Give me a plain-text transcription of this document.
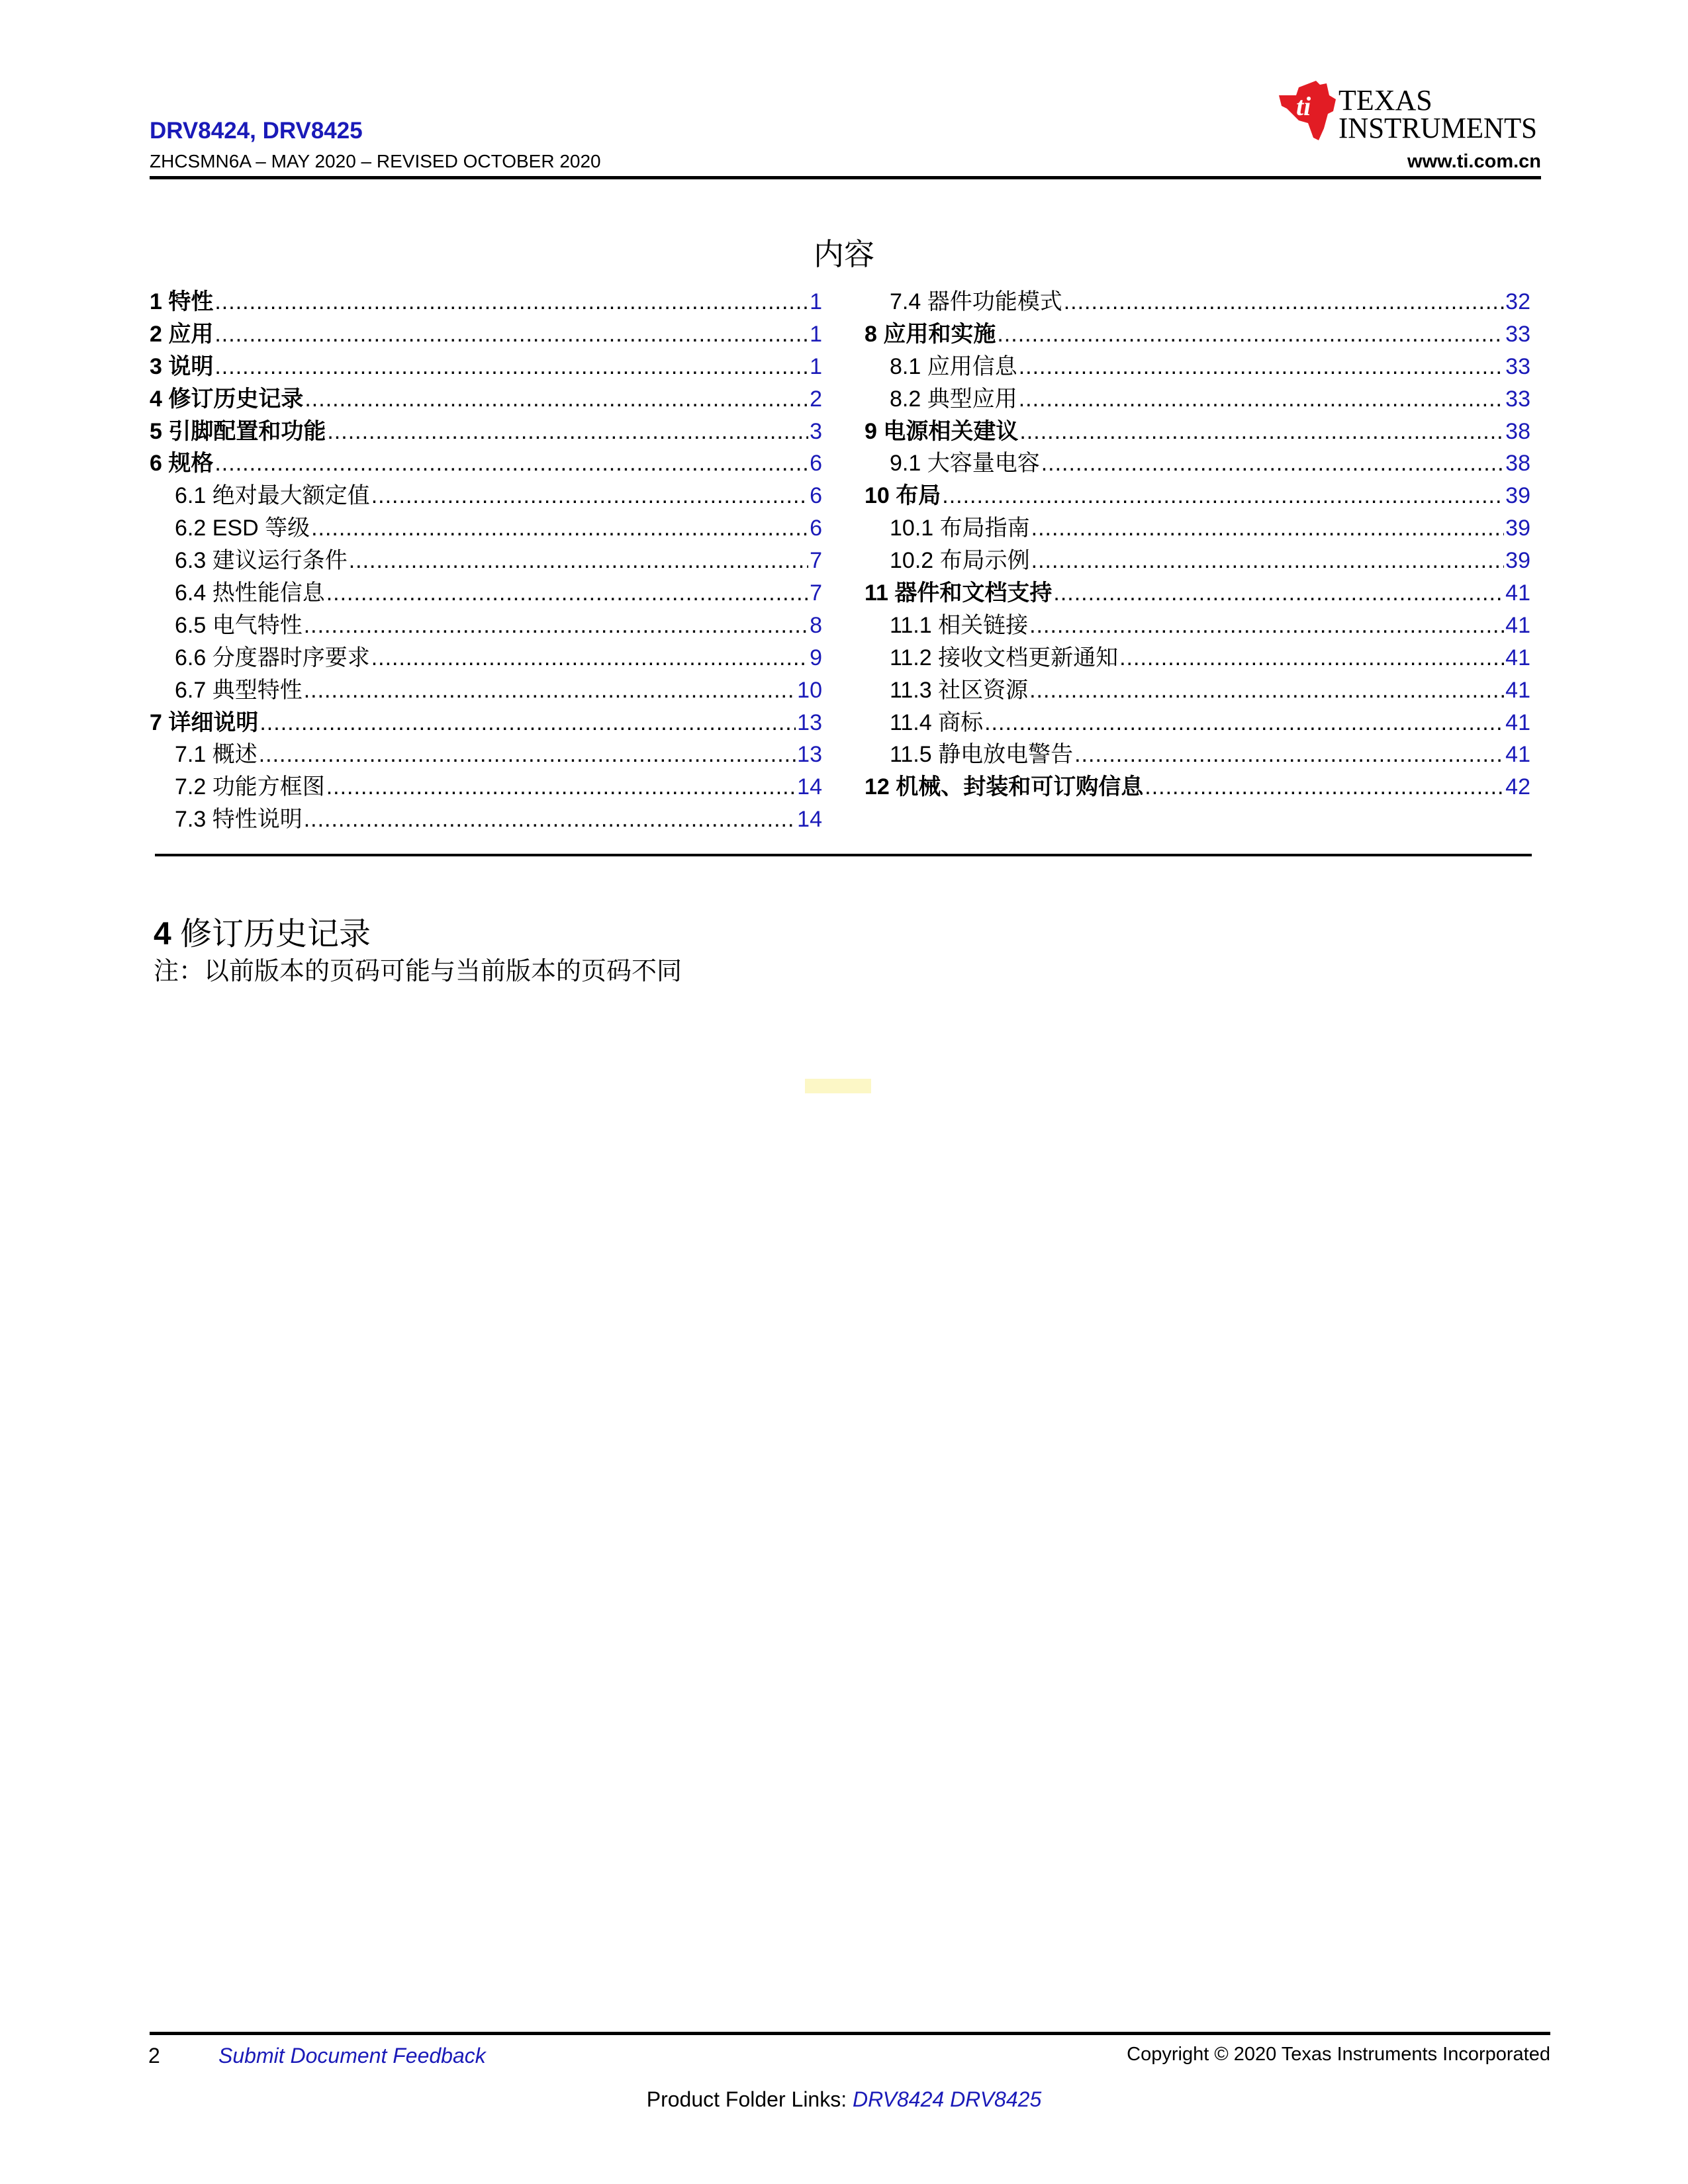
DRV8424, DRV8425
ZHCSMN6A – MAY 2020 – REVISED OCTOBER 2020
ti TEXAS
INSTRUMENTS
www.ti.com.cn
内容
1 特性 .....	1
2 应用 .....	1
3 说明 .....	1
4 修订历史记录 .....	2
5 引脚配置和功能 .....	3
6 规格 .....	6
6.1 绝对最大额定值 .....	6
6.2 ESD 等级 .....	6
6.3 建议运行条件 .....	7
6.4 热性能信息 .....	7
6.5 电气特性 .....	8
6.6 分度器时序要求 .....	9
6.7 典型特性 .....	10
7 详细说明 .....	13
7.1 概述 .....	13
7.2 功能方框图 .....	14
7.3 特性说明 .....	14
7.4 器件功能模式 .....	32
8 应用和实施 .....	33
8.1 应用信息 .....	33
8.2 典型应用 .....	33
9 电源相关建议 .....	38
9.1 大容量电容 .....	38
10 布局 .....	39
10.1 布局指南 .....	39
10.2 布局示例 .....	39
11 器件和文档支持 .....	41
11.1 相关链接 .....	41
11.2 接收文档更新通知 .....	41
11.3 社区资源 .....	41
11.4 商标 .....	41
11.5 静电放电警告 .....	41
12 机械、封装和可订购信息 .....	42
4 修订历史记录
注：以前版本的页码可能与当前版本的页码不同
2	Submit Document Feedback	Copyright © 2020 Texas Instruments Incorporated
Product Folder Links: DRV8424 DRV8425
